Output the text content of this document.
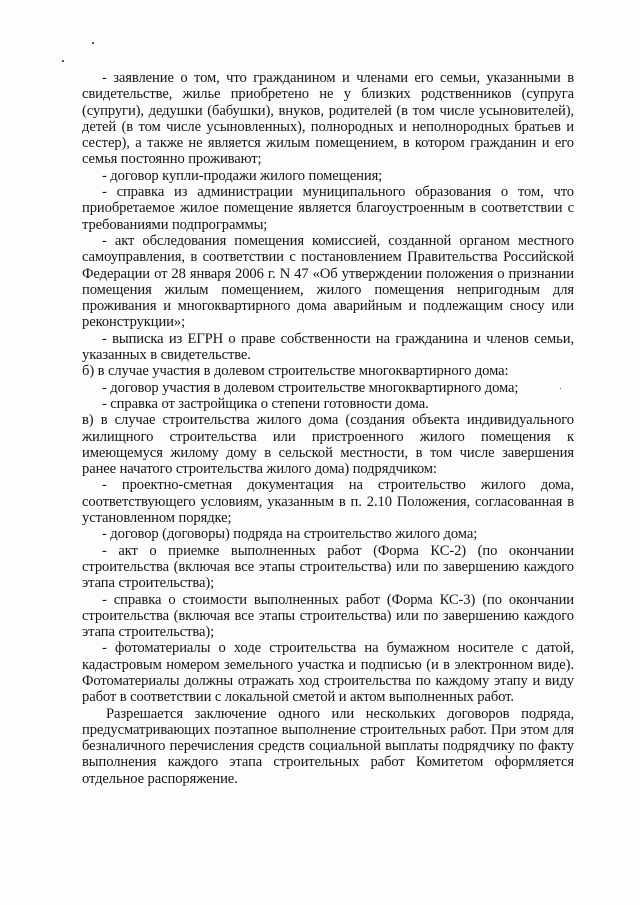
- заявление о том, что гражданином и членами его семьи, указанными в свидетельстве, жилье приобретено не у близких родственников (супруга (супруги), дедушки (бабушки), внуков, родителей (в том числе усыновителей), детей (в том числе усыновленных), полнородных и неполнородных братьев и сестер), а также не является жилым помещением, в котором гражданин и его семья постоянно проживают;

- договор купли-продажи жилого помещения;

- справка из администрации муниципального образования о том, что приобретаемое жилое помещение является благоустроенным в соответствии с требованиями подпрограммы;

- акт обследования помещения комиссией, созданной органом местного самоуправления, в соответствии с постановлением Правительства Российской Федерации от 28 января 2006 г. N 47 «Об утверждении положения о признании помещения жилым помещением, жилого помещения непригодным для проживания и многоквартирного дома аварийным и подлежащим сносу или реконструкции»;

- выписка из ЕГРН о праве собственности на гражданина и членов семьи, указанных в свидетельстве.

б) в случае участия в долевом строительстве многоквартирного дома:

- договор участия в долевом строительстве многоквартирного дома;

- справка от застройщика о степени готовности дома.

в) в случае строительства жилого дома (создания объекта индивидуального жилищного строительства или пристроенного жилого помещения к имеющемуся жилому дому в сельской местности, в том числе завершения ранее начатого строительства жилого дома) подрядчиком:

- проектно-сметная документация на строительство жилого дома, соответствующего условиям, указанным в п. 2.10 Положения, согласованная в установленном порядке;

- договор (договоры) подряда на строительство жилого дома;

- акт о приемке выполненных работ (Форма КС-2) (по окончании строительства (включая все этапы строительства) или по завершению каждого этапа строительства);

- справка о стоимости выполненных работ (Форма КС-3) (по окончании строительства (включая все этапы строительства) или по завершению каждого этапа строительства);

- фотоматериалы о ходе строительства на бумажном носителе с датой, кадастровым номером земельного участка и подписью (и в электронном виде). Фотоматериалы должны отражать ход строительства по каждому этапу и виду работ в соответствии с локальной сметой и актом выполненных работ.

Разрешается заключение одного или нескольких договоров подряда, предусматривающих поэтапное выполнение строительных работ. При этом для безналичного перечисления средств социальной выплаты подрядчику по факту выполнения каждого этапа строительных работ Комитетом оформляется отдельное распоряжение.
